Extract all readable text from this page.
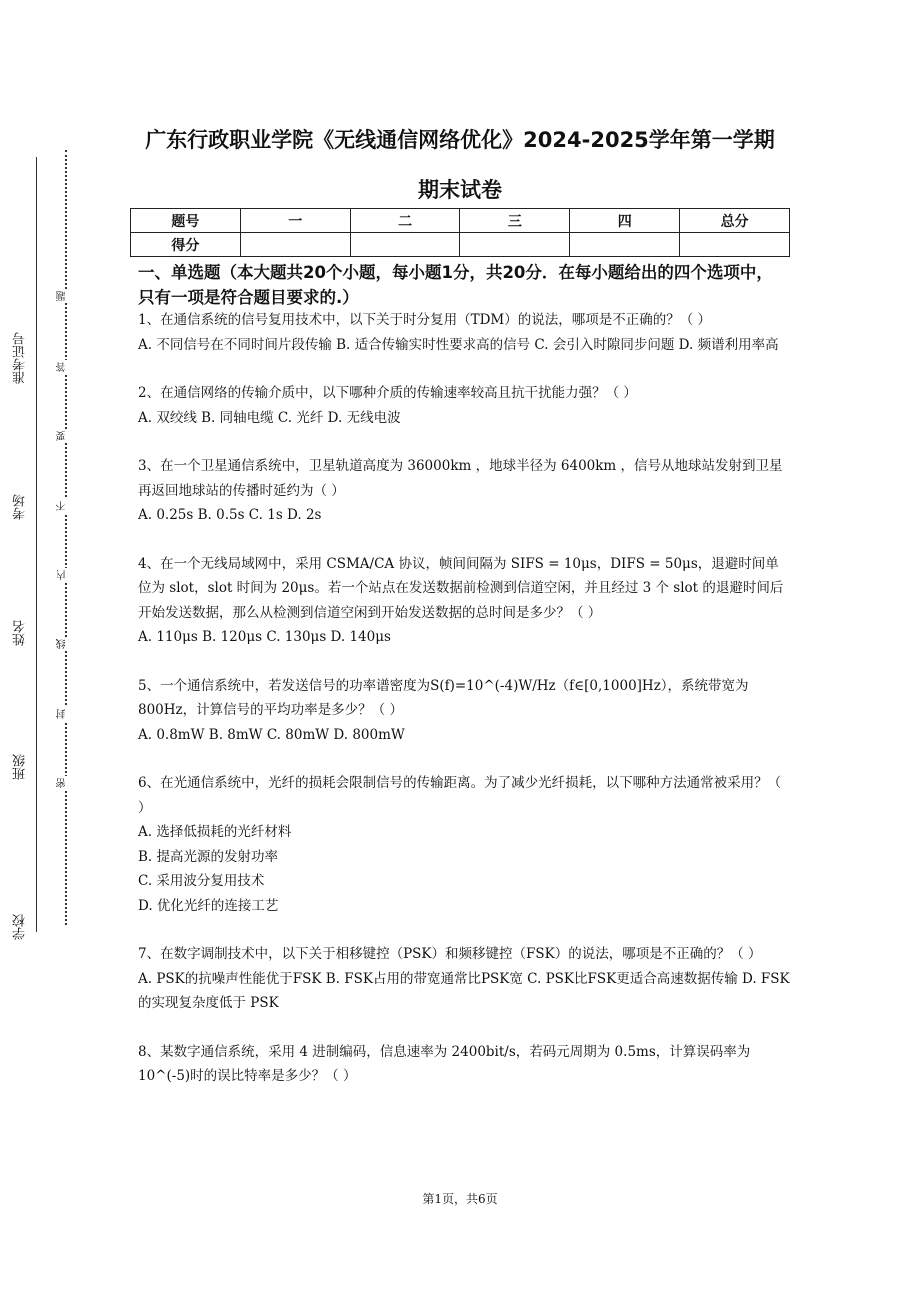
准考证号
考场
姓名
班级
学校
题
答
要
不
内
线
封
密
广东行政职业学院《无线通信网络优化》2024-2025学年第一学期
期末试卷
题号	一	二	三	四	总分
得分					
一、单选题（本大题共20个小题，每小题1分，共20分．在每小题给出的四个选项中，只有一项是符合题目要求的.）

1、在通信系统的信号复用技术中，以下关于时分复用（TDM）的说法，哪项是不正确的？（ ）

A. 不同信号在不同时间片段传输 B. 适合传输实时性要求高的信号 C. 会引入时隙同步问题 D. 频谱利用率高

2、在通信网络的传输介质中，以下哪种介质的传输速率较高且抗干扰能力强？（ ）

A. 双绞线 B. 同轴电缆 C. 光纤 D. 无线电波

3、在一个卫星通信系统中，卫星轨道高度为 36000km ，地球半径为 6400km ，信号从地球站发射到卫星再返回地球站的传播时延约为（ ）

A. 0.25s B. 0.5s C. 1s D. 2s

4、在一个无线局域网中，采用 CSMA/CA 协议，帧间间隔为 SIFS = 10μs，DIFS = 50μs，退避时间单位为 slot，slot 时间为 20μs。若一个站点在发送数据前检测到信道空闲，并且经过 3 个 slot 的退避时间后开始发送数据，那么从检测到信道空闲到开始发送数据的总时间是多少？（ ）

A. 110μs B. 120μs C. 130μs D. 140μs

5、一个通信系统中，若发送信号的功率谱密度为S(f)=10^(-4)W/Hz（f∈[0,1000]Hz），系统带宽为 800Hz，计算信号的平均功率是多少？（ ）

A. 0.8mW B. 8mW C. 80mW D. 800mW

6、在光通信系统中，光纤的损耗会限制信号的传输距离。为了减少光纤损耗，以下哪种方法通常被采用？（ ）

A. 选择低损耗的光纤材料

B. 提高光源的发射功率

C. 采用波分复用技术

D. 优化光纤的连接工艺

7、在数字调制技术中，以下关于相移键控（PSK）和频移键控（FSK）的说法，哪项是不正确的？（ ）

A. PSK的抗噪声性能优于FSK B. FSK占用的带宽通常比PSK宽 C. PSK比FSK更适合高速数据传输 D. FSK 的实现复杂度低于 PSK

8、某数字通信系统，采用 4 进制编码，信息速率为 2400bit/s，若码元周期为 0.5ms，计算误码率为 10^(-5)时的误比特率是多少？（ ）

第1页，共6页
